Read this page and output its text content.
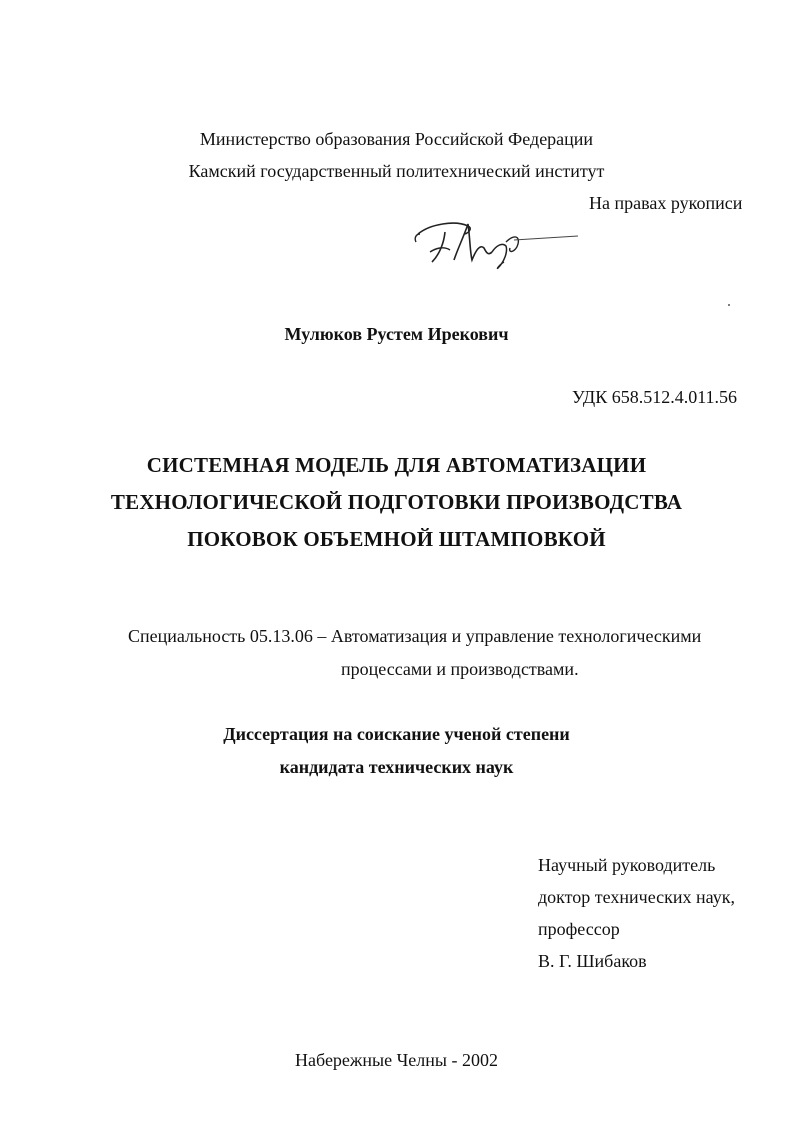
Министерство образования Российской Федерации
Камский государственный политехнический институт
На правах рукописи
Мулюков Рустем Ирекович
УДК 658.512.4.011.56
СИСТЕМНАЯ МОДЕЛЬ ДЛЯ АВТОМАТИЗАЦИИ
ТЕХНОЛОГИЧЕСКОЙ ПОДГОТОВКИ ПРОИЗВОДСТВА
ПОКОВОК ОБЪЕМНОЙ ШТАМПОВКОЙ
Специальность 05.13.06 – Автоматизация и управление технологическими
процессами и производствами.
Диссертация на соискание ученой степени
кандидата технических наук
Научный руководитель
доктор технических наук,
профессор
В. Г. Шибаков
Набережные Челны - 2002
